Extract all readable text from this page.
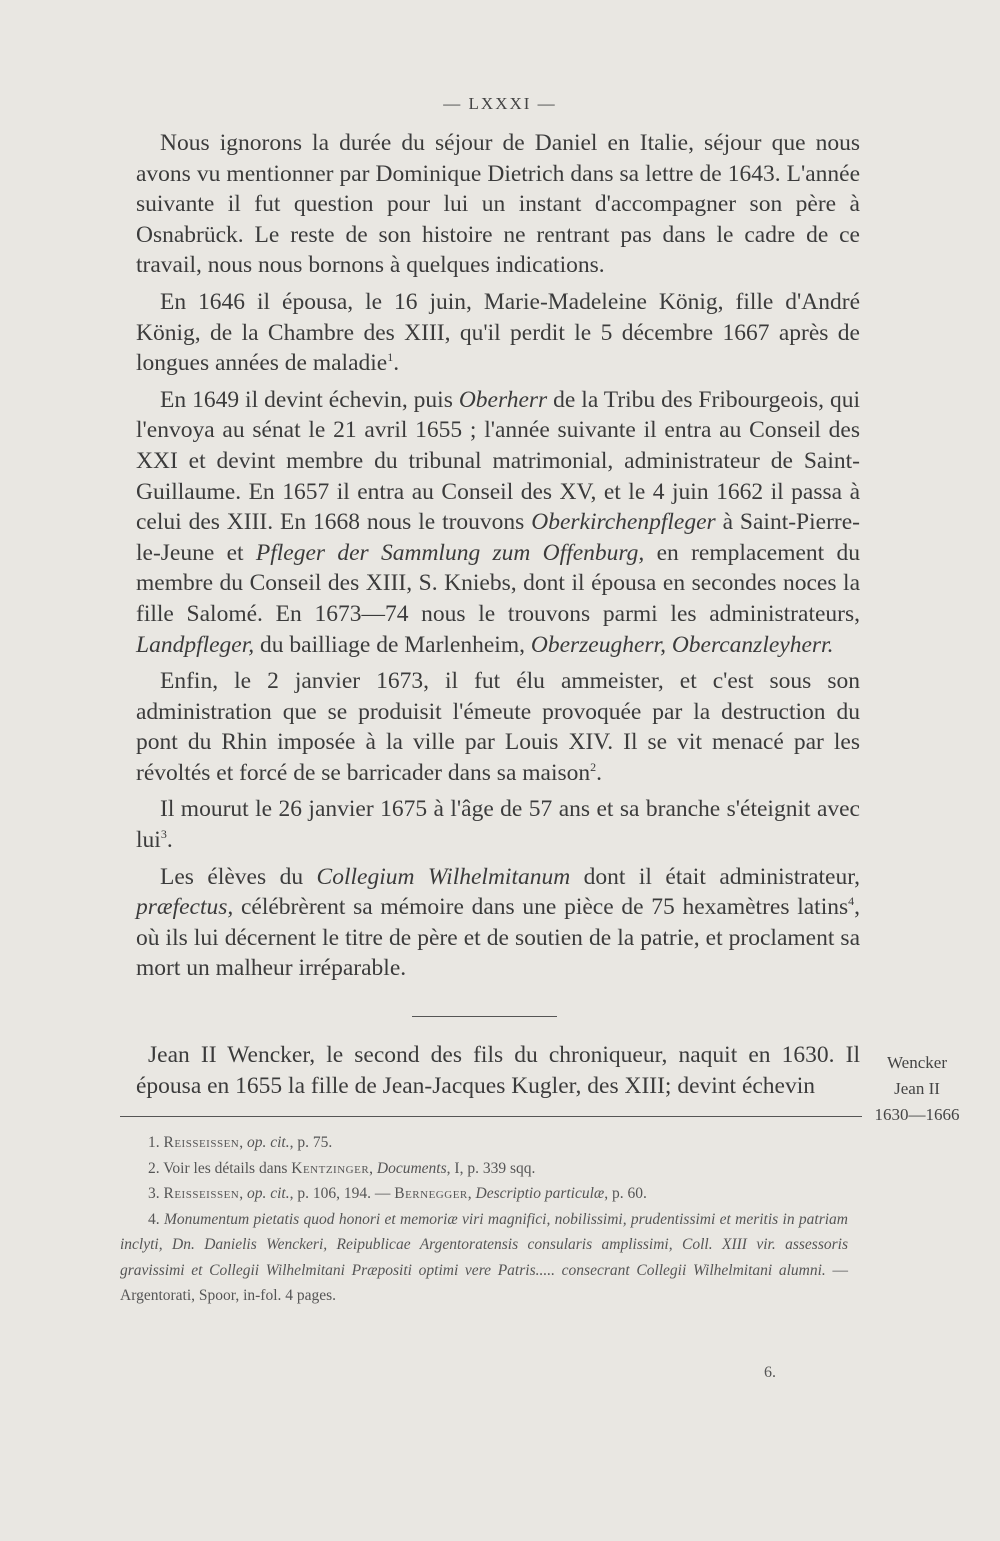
— LXXXI —

Nous ignorons la durée du séjour de Daniel en Italie, séjour que nous avons vu mentionner par Dominique Dietrich dans sa lettre de 1643. L'année suivante il fut question pour lui un instant d'accompagner son père à Osnabrück. Le reste de son histoire ne rentrant pas dans le cadre de ce travail, nous nous bornons à quelques indications.

En 1646 il épousa, le 16 juin, Marie-Madeleine König, fille d'André König, de la Chambre des XIII, qu'il perdit le 5 décembre 1667 après de longues années de maladie$^1$.

En 1649 il devint échevin, puis Oberherr de la Tribu des Fribourgeois, qui l'envoya au sénat le 21 avril 1655 ; l'année suivante il entra au Conseil des XXI et devint membre du tribunal matrimonial, administrateur de Saint-Guillaume. En 1657 il entra au Conseil des XV, et le 4 juin 1662 il passa à celui des XIII. En 1668 nous le trouvons Oberkirchenpfleger à Saint-Pierre-le-Jeune et Pfleger der Sammlung zum Offenburg, en remplacement du membre du Conseil des XIII, S. Kniebs, dont il épousa en secondes noces la fille Salomé. En 1673—74 nous le trouvons parmi les administrateurs, Landpfleger, du bailliage de Marlenheim, Oberzeugherr, Obercanzleyherr.

Enfin, le 2 janvier 1673, il fut élu ammeister, et c'est sous son administration que se produisit l'émeute provoquée par la destruction du pont du Rhin imposée à la ville par Louis XIV. Il se vit menacé par les révoltés et forcé de se barricader dans sa maison$^2$.

Il mourut le 26 janvier 1675 à l'âge de 57 ans et sa branche s'éteignit avec lui$^3$.

Les élèves du Collegium Wilhelmitanum dont il était administrateur, præfectus, célébrèrent sa mémoire dans une pièce de 75 hexamètres latins$^4$, où ils lui décernent le titre de père et de soutien de la patrie, et proclament sa mort un malheur irréparable.

Jean II Wencker, le second des fils du chroniqueur, naquit en 1630. Il épousa en 1655 la fille de Jean-Jacques Kugler, des XIII; devint échevin

Wencker
Jean II
1630—1666

1. Reisseissen, op. cit., p. 75.

2. Voir les détails dans Kentzinger, Documents, I, p. 339 sqq.

3. Reisseissen, op. cit., p. 106, 194. — Bernegger, Descriptio particulæ, p. 60.

4. Monumentum pietatis quod honori et memoriæ viri magnifici, nobilissimi, prudentissimi et meritis in patriam inclyti, Dn. Danielis Wenckeri, Reipublicae Argentoratensis consularis amplissimi, Coll. XIII vir. assessoris gravissimi et Collegii Wilhelmitani Præpositi optimi vere Patris..... consecrant Collegii Wilhelmitani alumni. — Argentorati, Spoor, in-fol. 4 pages.

6.
